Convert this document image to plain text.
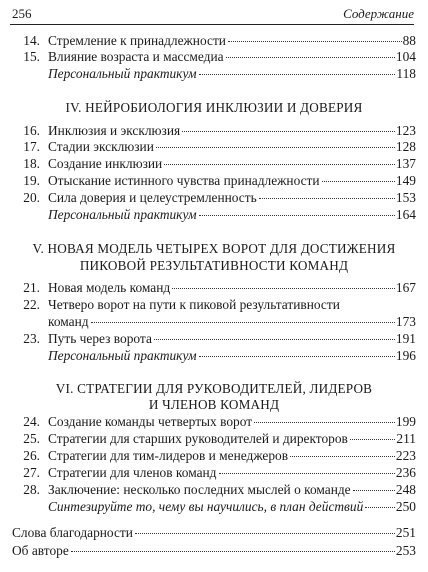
256	Содержание
14. Стремление к принадлежности	88
15. Влияние возраста и массмедиа	104
Персональный практикум	118
IV. НЕЙРОБИОЛОГИЯ ИНКЛЮЗИИ И ДОВЕРИЯ
16. Инклюзия и эксклюзия	123
17. Стадии эксклюзии	128
18. Создание инклюзии	137
19. Отыскание истинного чувства принадлежности	149
20. Сила доверия и целеустремленность	153
Персональный практикум	164
V. НОВАЯ МОДЕЛЬ ЧЕТЫРЕХ ВОРОТ ДЛЯ ДОСТИЖЕНИЯ
ПИКОВОЙ РЕЗУЛЬТАТИВНОСТИ КОМАНД
21. Новая модель команд	167
22. Четверо ворот на пути к пиковой результативности
команд	173
23. Путь через ворота	191
Персональный практикум	196
VI. СТРАТЕГИИ ДЛЯ РУКОВОДИТЕЛЕЙ, ЛИДЕРОВ
И ЧЛЕНОВ КОМАНД
24. Создание команды четвертых ворот	199
25. Стратегии для старших руководителей и директоров	211
26. Стратегии для тим-лидеров и менеджеров	223
27. Стратегии для членов команд	236
28. Заключение: несколько последних мыслей о команде	248
Синтезируйте то, чему вы научились, в план действий 250
Слова благодарности	251
Об авторе	253
